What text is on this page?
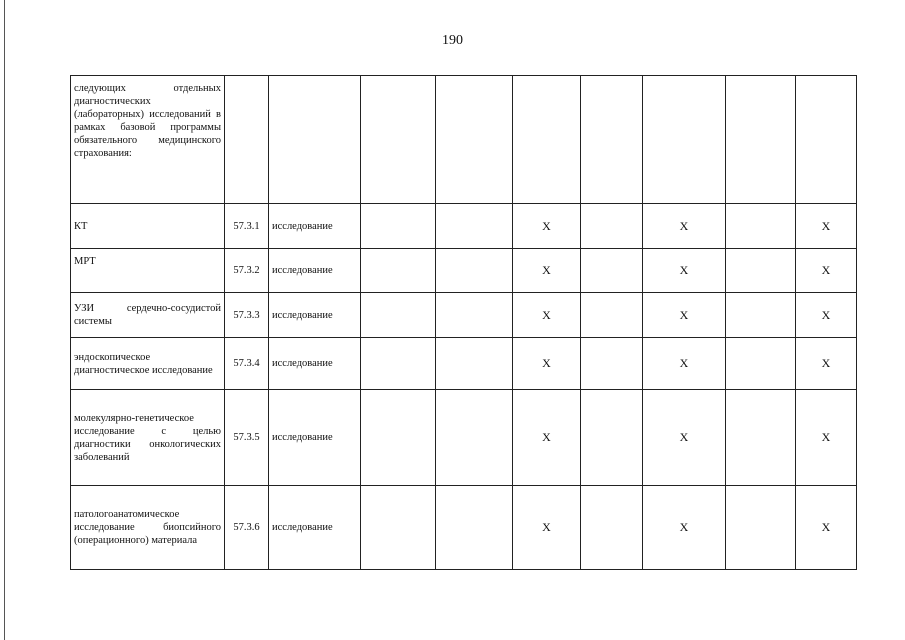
190
следующих отдельных диагностических (лабораторных) исследований в рамках базовой программы обязательного медицинского страхования:									
КТ	57.3.1	исследование			X		X		X
МРТ	57.3.2	исследование			X		X		X
УЗИ сердечно-сосудистой системы	57.3.3	исследование			X		X		X
эндоскопическое диагностическое исследование	57.3.4	исследование			X		X		X
молекулярно-генетическое исследование с целью диагностики онкологических заболеваний	57.3.5	исследование			X		X		X
патологоанатомическое исследование биопсийного (операционного) материала	57.3.6	исследование			X		X		X
